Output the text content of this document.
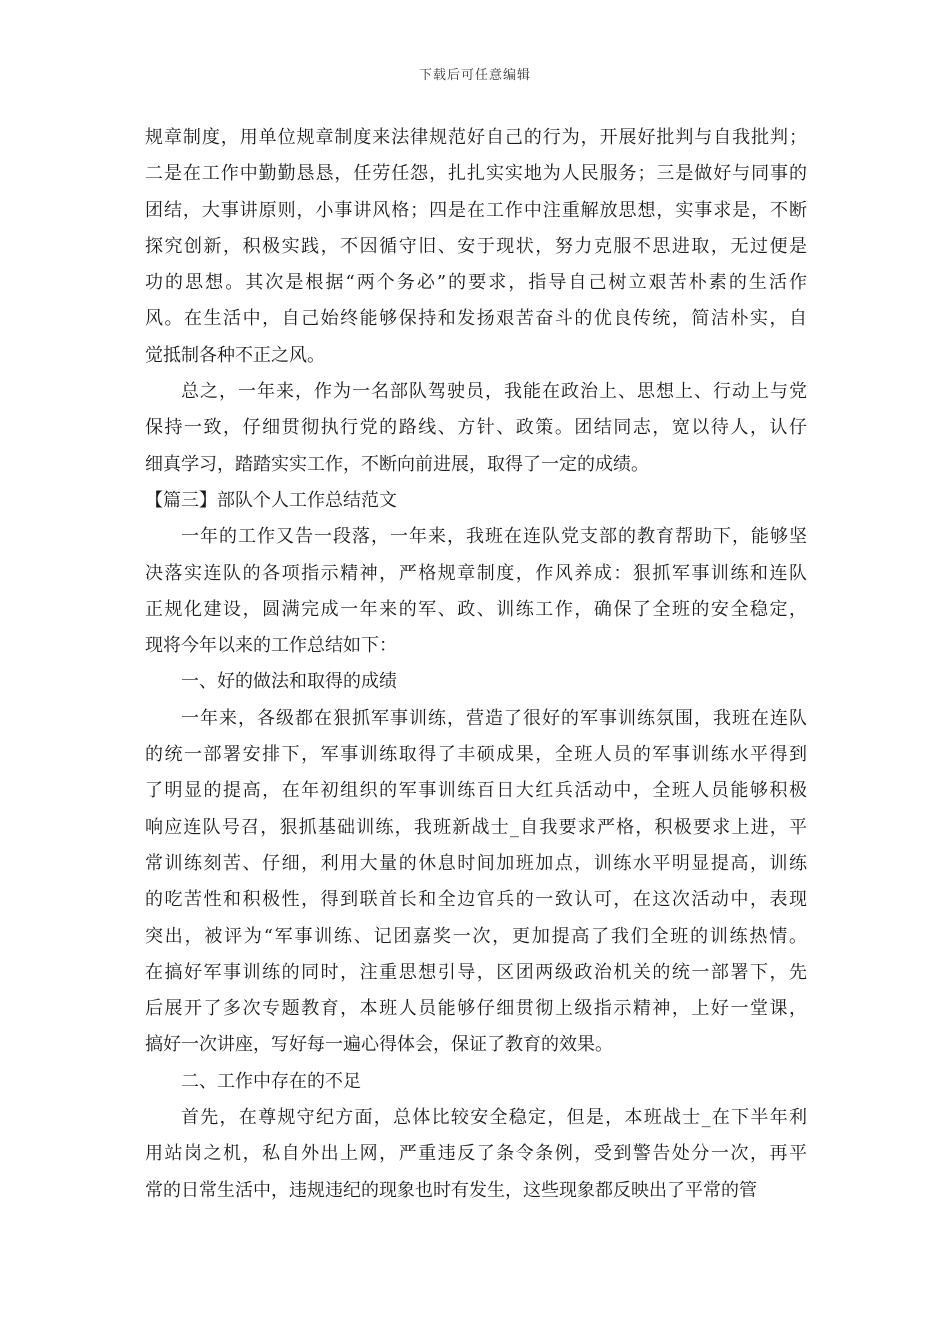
下载后可任意编辑

规章制度，用单位规章制度来法律规范好自己的行为，开展好批判与自我批判；
二是在工作中勤勤恳恳，任劳任怨，扎扎实实地为人民服务；三是做好与同事的
团结，大事讲原则，小事讲风格；四是在工作中注重解放思想，实事求是，不断
探究创新，积极实践，不因循守旧、安于现状，努力克服不思进取，无过便是
功的思想。其次是根据“两个务必”的要求，指导自己树立艰苦朴素的生活作
风。在生活中，自己始终能够保持和发扬艰苦奋斗的优良传统，简洁朴实，自
觉抵制各种不正之风。

总之，一年来，作为一名部队驾驶员，我能在政治上、思想上、行动上与党
保持一致，仔细贯彻执行党的路线、方针、政策。团结同志，宽以待人，认仔
细真学习，踏踏实实工作，不断向前进展，取得了一定的成绩。

【篇三】部队个人工作总结范文

一年的工作又告一段落，一年来，我班在连队党支部的教育帮助下，能够坚
决落实连队的各项指示精神，严格规章制度，作风养成：狠抓军事训练和连队
正规化建设，圆满完成一年来的军、政、训练工作，确保了全班的安全稳定，
现将今年以来的工作总结如下：

一、好的做法和取得的成绩

一年来，各级都在狠抓军事训练，营造了很好的军事训练氛围，我班在连队
的统一部署安排下，军事训练取得了丰硕成果，全班人员的军事训练水平得到
了明显的提高，在年初组织的军事训练百日大红兵活动中，全班人员能够积极
响应连队号召，狠抓基础训练，我班新战士_自我要求严格，积极要求上进，平
常训练刻苦、仔细，利用大量的休息时间加班加点，训练水平明显提高，训练
的吃苦性和积极性，得到联首长和全边官兵的一致认可，在这次活动中，表现
突出，被评为“军事训练、记团嘉奖一次，更加提高了我们全班的训练热情。
在搞好军事训练的同时，注重思想引导，区团两级政治机关的统一部署下，先
后展开了多次专题教育，本班人员能够仔细贯彻上级指示精神，上好一堂课，
搞好一次讲座，写好每一遍心得体会，保证了教育的效果。

二、工作中存在的不足

首先，在尊规守纪方面，总体比较安全稳定，但是，本班战士_在下半年利
用站岗之机，私自外出上网，严重违反了条令条例，受到警告处分一次，再平
常的日常生活中，违规违纪的现象也时有发生，这些现象都反映出了平常的管
